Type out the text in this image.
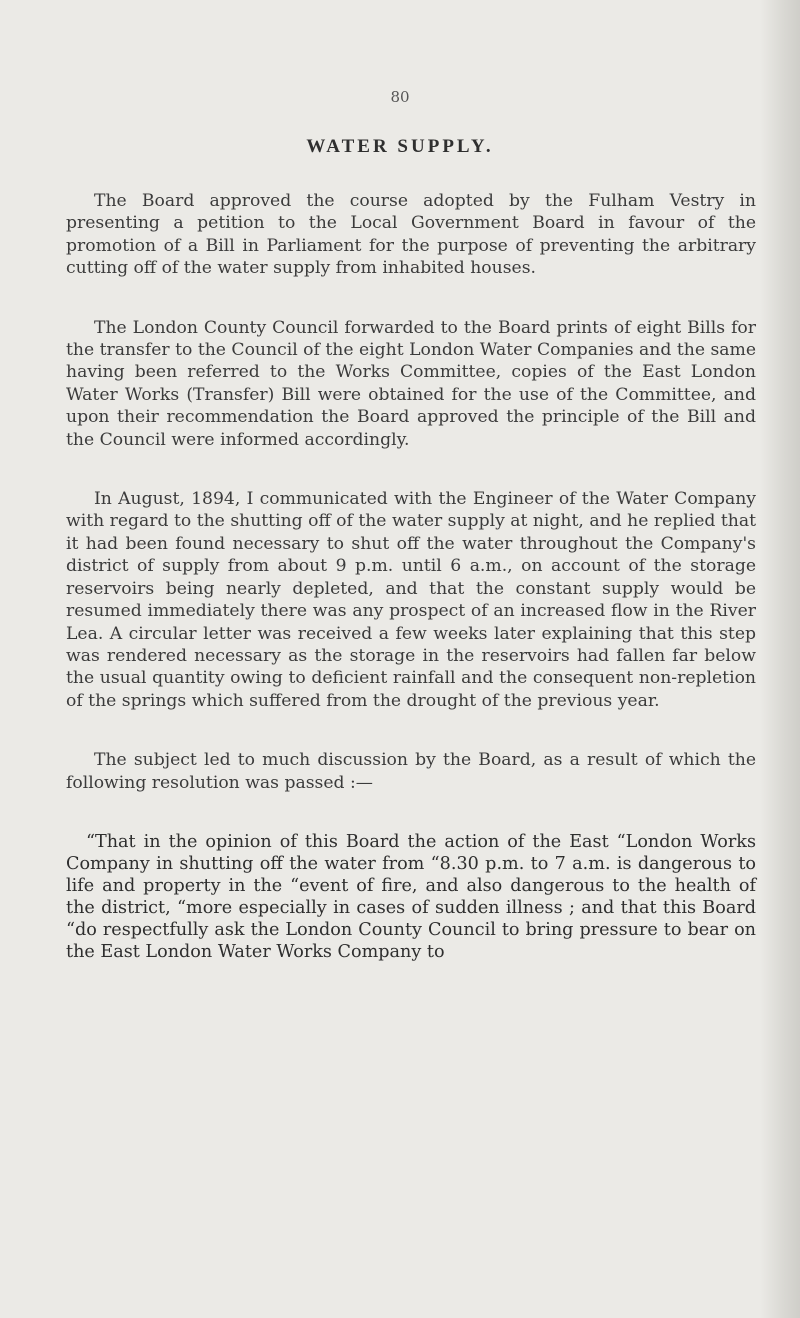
80
WATER SUPPLY.

The Board approved the course adopted by the Fulham Vestry in presenting a petition to the Local Government Board in favour of the promotion of a Bill in Parliament for the purpose of preventing the arbitrary cutting off of the water supply from inhabited houses.

The London County Council forwarded to the Board prints of eight Bills for the transfer to the Council of the eight London Water Companies and the same having been referred to the Works Committee, copies of the East London Water Works (Transfer) Bill were obtained for the use of the Committee, and upon their recommendation the Board approved the principle of the Bill and the Council were informed accordingly.

In August, 1894, I communicated with the Engineer of the Water Company with regard to the shutting off of the water supply at night, and he replied that it had been found necessary to shut off the water throughout the Company's district of supply from about 9 p.m. until 6 a.m., on account of the storage reservoirs being nearly depleted, and that the constant supply would be resumed immediately there was any prospect of an increased flow in the River Lea. A circular letter was received a few weeks later explaining that this step was rendered necessary as the storage in the reservoirs had fallen far below the usual quantity owing to deficient rainfall and the consequent non-repletion of the springs which suffered from the drought of the previous year.

The subject led to much discussion by the Board, as a result of which the following resolution was passed :—

“That in the opinion of this Board the action of the East “London Works Company in shutting off the water from “8.30 p.m. to 7 a.m. is dangerous to life and property in the “event of fire, and also dangerous to the health of the district, “more especially in cases of sudden illness ; and that this Board “do respectfully ask the London County Council to bring pressure to bear on the East London Water Works Company to
